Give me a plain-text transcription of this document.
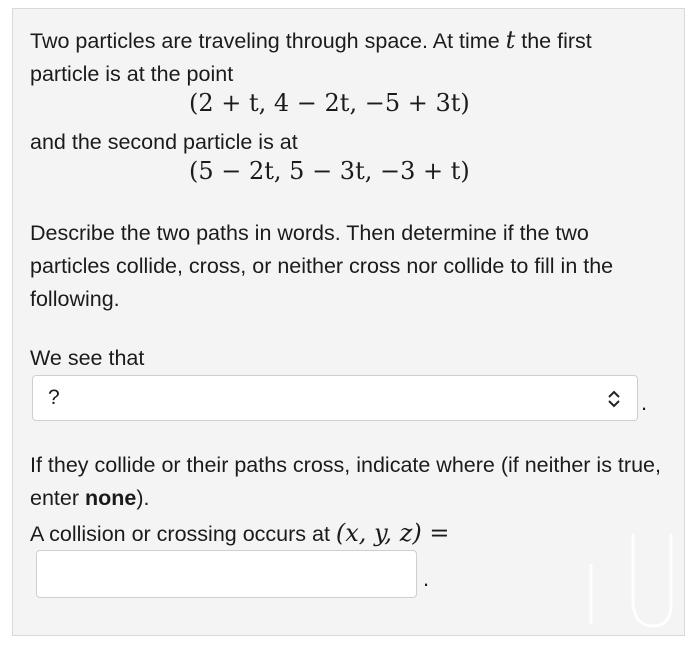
Two particles are traveling through space. At time t the first
particle is at the point
(2 + t, 4 − 2t, −5 + 3t)
and the second particle is at
(5 − 2t, 5 − 3t, −3 + t)
Describe the two paths in words. Then determine if the two particles collide, cross, or neither cross nor collide to fill in the following.
We see that
?	.
If they collide or their paths cross, indicate where (if neither is true, enter none).
A collision or crossing occurs at (x, y, z) =
.
